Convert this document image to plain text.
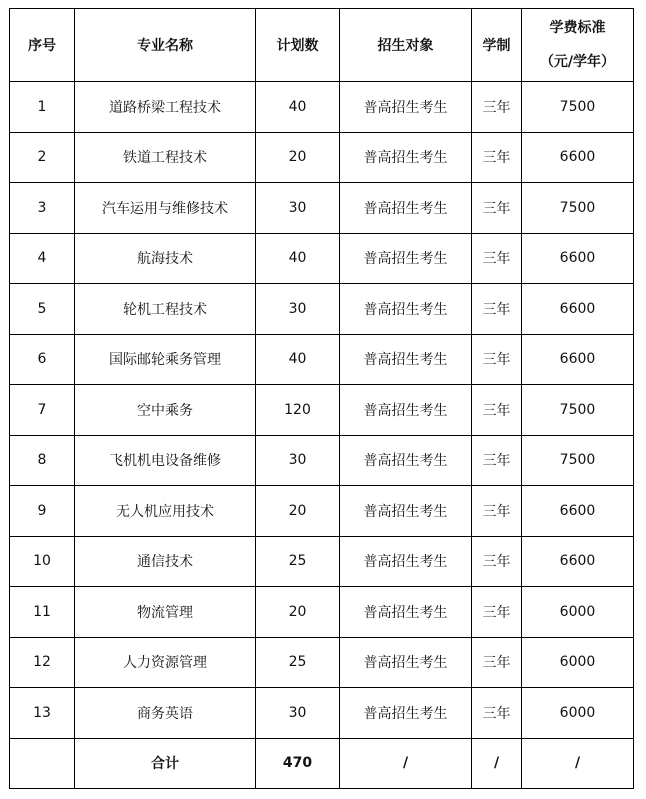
序号	专业名称	计划数	招生对象	学制	学费标准
（元/学年）

1	道路桥梁工程技术	40	普高招生考生	三年	7500
2	铁道工程技术	20	普高招生考生	三年	6600
3	汽车运用与维修技术	30	普高招生考生	三年	7500
4	航海技术	40	普高招生考生	三年	6600
5	轮机工程技术	30	普高招生考生	三年	6600
6	国际邮轮乘务管理	40	普高招生考生	三年	6600
7	空中乘务	120	普高招生考生	三年	7500
8	飞机机电设备维修	30	普高招生考生	三年	7500
9	无人机应用技术	20	普高招生考生	三年	6600
10	通信技术	25	普高招生考生	三年	6600
11	物流管理	20	普高招生考生	三年	6000
12	人力资源管理	25	普高招生考生	三年	6000
13	商务英语	30	普高招生考生	三年	6000
	合计	470	/	/	/
